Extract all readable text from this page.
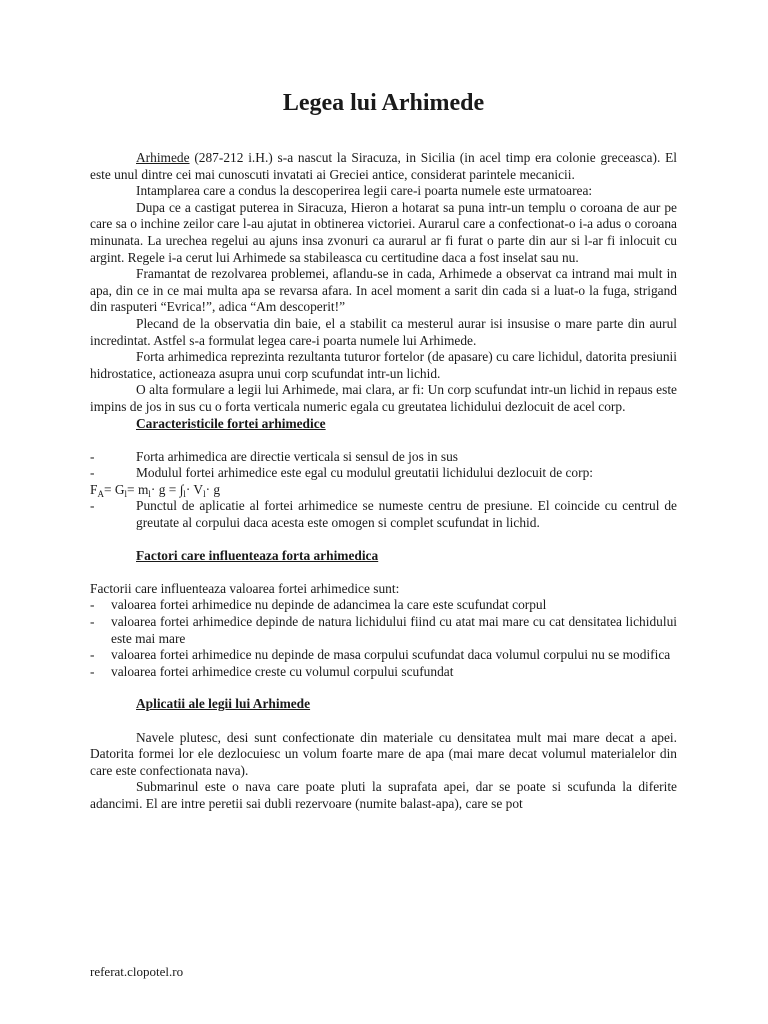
Legea lui Arhimede

Arhimede (287-212 i.H.) s-a nascut la Siracuza, in Sicilia (in acel timp era colonie greceasca). El este unul dintre cei mai cunoscuti invatati ai Greciei antice, considerat parintele mecanicii.

Intamplarea care a condus la descoperirea legii care-i poarta numele este urmatoarea:

Dupa ce a castigat puterea in Siracuza, Hieron a hotarat sa puna intr-un templu o coroana de aur pe care sa o inchine zeilor care l-au ajutat in obtinerea victoriei. Aurarul care a confectionat-o i-a adus o coroana minunata. La urechea regelui au ajuns insa zvonuri ca aurarul ar fi furat o parte din aur si l-ar fi inlocuit cu argint. Regele i-a cerut lui Arhimede sa stabileasca cu certitudine daca a fost inselat sau nu.

Framantat de rezolvarea problemei, aflandu-se in cada, Arhimede a observat ca intrand mai mult in apa, din ce in ce mai multa apa se revarsa afara. In acel moment a sarit din cada si a luat-o la fuga, strigand din rasputeri “Evrica!”, adica “Am descoperit!”

Plecand de la observatia din baie, el a stabilit ca mesterul aurar isi insusise o mare parte din aurul incredintat. Astfel s-a formulat legea care-i poarta numele lui Arhimede.

Forta arhimedica reprezinta rezultanta tuturor fortelor (de apasare) cu care lichidul, datorita presiunii hidrostatice, actioneaza asupra unui corp scufundat intr-un lichid.

O alta formulare a legii lui Arhimede, mai clara, ar fi: Un corp scufundat intr-un lichid in repaus este impins de jos in sus cu o forta verticala numeric egala cu greutatea lichidului dezlocuit de acel corp.

Caracteristicile fortei arhimedice

-	Forta arhimedica are directie verticala si sensul de jos in sus
-	Modulul fortei arhimedice este egal cu modulul greutatii lichidului dezlocuit de corp:

$F_A= G_l= m_l\cdot g = \int_l\cdot V_l\cdot g$

-	Punctul de aplicatie al fortei arhimedice se numeste centru de presiune. El coincide cu centrul de greutate al corpului daca acesta este omogen si complet scufundat in lichid.

Factori care influenteaza forta arhimedica

Factorii care influenteaza valoarea fortei arhimedice sunt:

- valoarea fortei arhimedice nu depinde de adancimea la care este scufundat corpul
- valoarea fortei arhimedice depinde de natura lichidului fiind cu atat mai mare cu cat densitatea lichidului este mai mare
- valoarea fortei arhimedice nu depinde de masa corpului scufundat daca volumul corpului nu se modifica
- valoarea fortei arhimedice creste cu volumul corpului scufundat

Aplicatii ale legii lui Arhimede

Navele plutesc, desi sunt confectionate din materiale cu densitatea mult mai mare decat a apei. Datorita formei lor ele dezlocuiesc un volum foarte mare de apa (mai mare decat volumul materialelor din care este confectionata nava).

Submarinul este o nava care poate pluti la suprafata apei, dar se poate si scufunda la diferite adancimi. El are intre peretii sai dubli rezervoare (numite balast-apa), care se pot

referat.clopotel.ro
